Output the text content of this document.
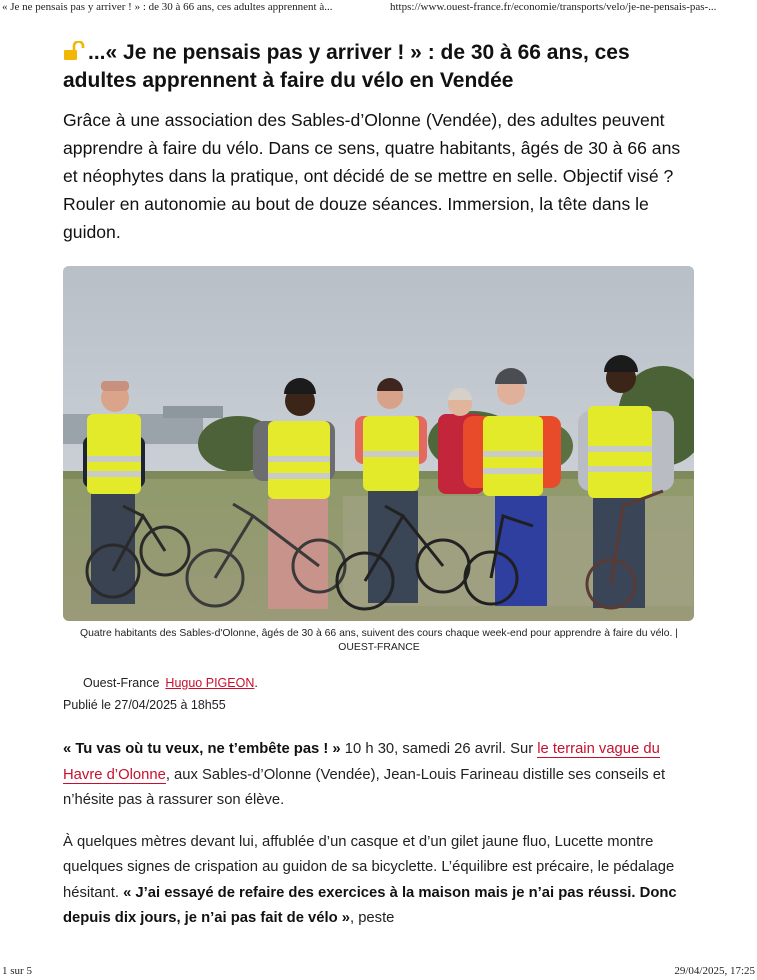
« Je ne pensais pas y arriver ! » : de 30 à 66 ans, ces adultes apprennent à...	https://www.ouest-france.fr/economie/transports/velo/je-ne-pensais-pas-...
...« Je ne pensais pas y arriver ! » : de 30 à 66 ans, ces adultes apprennent à faire du vélo en Vendée

Grâce à une association des Sables-d’Olonne (Vendée), des adultes peuvent apprendre à faire du vélo. Dans ce sens, quatre habitants, âgés de 30 à 66 ans et néophytes dans la pratique, ont décidé de se mettre en selle. Objectif visé ? Rouler en autonomie au bout de douze séances. Immersion, la tête dans le guidon.

Quatre habitants des Sables-d'Olonne, âgés de 30 à 66 ans, suivent des cours chaque week-end pour apprendre à faire du vélo. | OUEST-FRANCE
Ouest-France Huguo PIGEON.
Publié le 27/04/2025 à 18h55

« Tu vas où tu veux, ne t’embête pas ! » 10 h 30, samedi 26 avril. Sur le terrain vague du Havre d’Olonne, aux Sables-d’Olonne (Vendée), Jean-Louis Farineau distille ses conseils et n’hésite pas à rassurer son élève.

À quelques mètres devant lui, affublée d’un casque et d’un gilet jaune fluo, Lucette montre quelques signes de crispation au guidon de sa bicyclette. L’équilibre est précaire, le pédalage hésitant. « J’ai essayé de refaire des exercices à la maison mais je n’ai pas réussi. Donc depuis dix jours, je n’ai pas fait de vélo », peste

1 sur 5	29/04/2025, 17:25
